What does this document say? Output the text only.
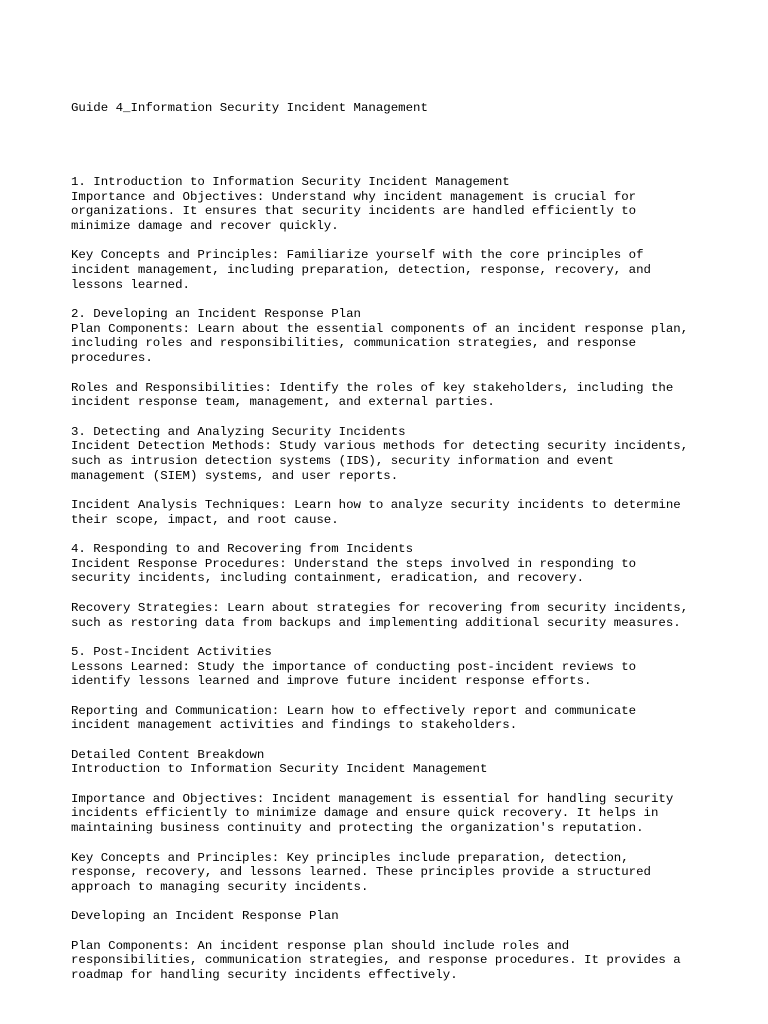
Guide 4_Information Security Incident Management

1. Introduction to Information Security Incident Management
Importance and Objectives: Understand why incident management is crucial for
organizations. It ensures that security incidents are handled efficiently to
minimize damage and recover quickly.
Key Concepts and Principles: Familiarize yourself with the core principles of
incident management, including preparation, detection, response, recovery, and
lessons learned.
2. Developing an Incident Response Plan
Plan Components: Learn about the essential components of an incident response plan,
including roles and responsibilities, communication strategies, and response
procedures.
Roles and Responsibilities: Identify the roles of key stakeholders, including the
incident response team, management, and external parties.
3. Detecting and Analyzing Security Incidents
Incident Detection Methods: Study various methods for detecting security incidents,
such as intrusion detection systems (IDS), security information and event
management (SIEM) systems, and user reports.
Incident Analysis Techniques: Learn how to analyze security incidents to determine
their scope, impact, and root cause.
4. Responding to and Recovering from Incidents
Incident Response Procedures: Understand the steps involved in responding to
security incidents, including containment, eradication, and recovery.
Recovery Strategies: Learn about strategies for recovering from security incidents,
such as restoring data from backups and implementing additional security measures.
5. Post-Incident Activities
Lessons Learned: Study the importance of conducting post-incident reviews to
identify lessons learned and improve future incident response efforts.
Reporting and Communication: Learn how to effectively report and communicate
incident management activities and findings to stakeholders.
Detailed Content Breakdown
Introduction to Information Security Incident Management
Importance and Objectives: Incident management is essential for handling security
incidents efficiently to minimize damage and ensure quick recovery. It helps in
maintaining business continuity and protecting the organization's reputation.
Key Concepts and Principles: Key principles include preparation, detection,
response, recovery, and lessons learned. These principles provide a structured
approach to managing security incidents.
Developing an Incident Response Plan
Plan Components: An incident response plan should include roles and
responsibilities, communication strategies, and response procedures. It provides a
roadmap for handling security incidents effectively.
